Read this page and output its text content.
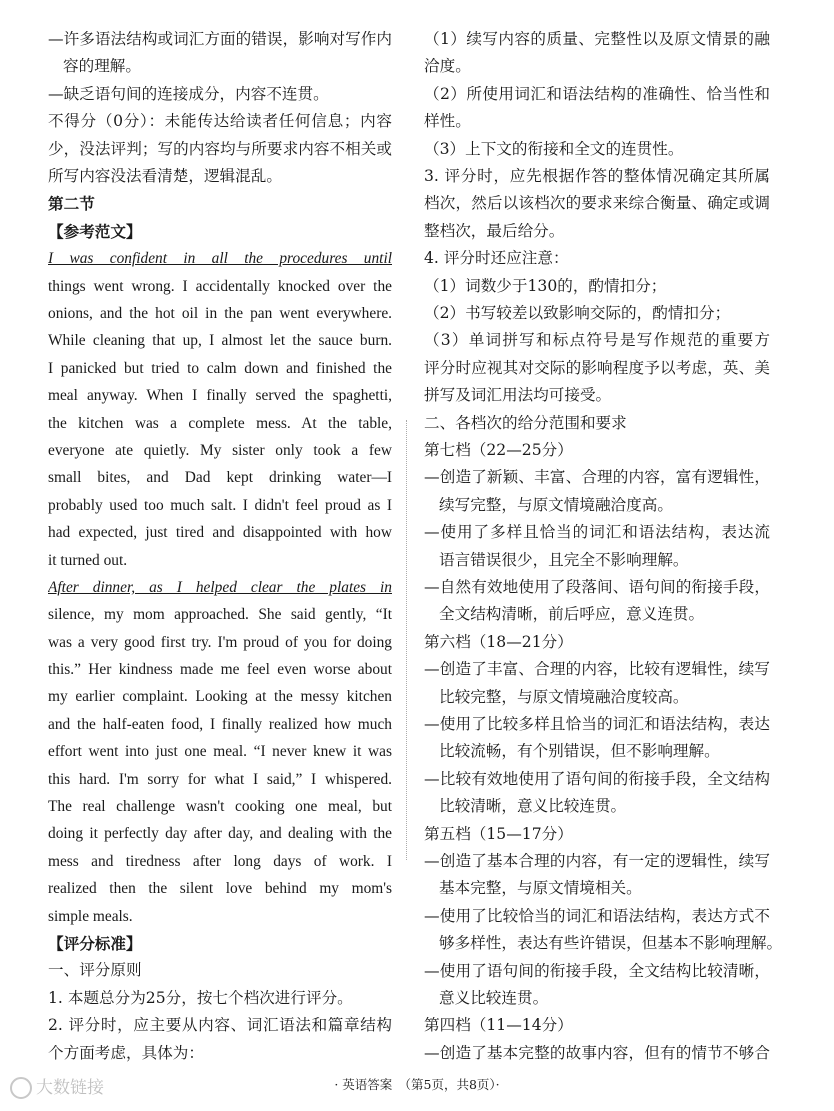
—许多语法结构或词汇方面的错误，影响对写作内
容的理解。
—缺乏语句间的连接成分，内容不连贯。
不得分（0分）：未能传达给读者任何信息；内容
少，没法评判；写的内容均与所要求内容不相关或
所写内容没法看清楚，逻辑混乱。
第二节
【参考范文】
I was confident in all the procedures until
things went wrong. I accidentally knocked over the
onions, and the hot oil in the pan went everywhere.
While cleaning that up, I almost let the sauce burn.
I panicked but tried to calm down and finished the
meal anyway. When I finally served the spaghetti,
the kitchen was a complete mess. At the table,
everyone ate quietly. My sister only took a few
small bites, and Dad kept drinking water—I
probably used too much salt. I didn't feel proud as I
had expected, just tired and disappointed with how
it turned out.
After dinner, as I helped clear the plates in
silence, my mom approached. She said gently, “It
was a very good first try. I'm proud of you for doing
this.” Her kindness made me feel even worse about
my earlier complaint. Looking at the messy kitchen
and the half-eaten food, I finally realized how much
effort went into just one meal. “I never knew it was
this hard. I'm sorry for what I said,” I whispered.
The real challenge wasn't cooking one meal, but
doing it perfectly day after day, and dealing with the
mess and tiredness after long days of work. I
realized then the silent love behind my mom's
simple meals.
【评分标准】
一、评分原则
1. 本题总分为25分，按七个档次进行评分。
2. 评分时，应主要从内容、词汇语法和篇章结构
个方面考虑，具体为：
（1）续写内容的质量、完整性以及原文情景的融
洽度。
（2）所使用词汇和语法结构的准确性、恰当性和
样性。
（3）上下文的衔接和全文的连贯性。
3. 评分时，应先根据作答的整体情况确定其所属
档次，然后以该档次的要求来综合衡量、确定或调
整档次，最后给分。
4. 评分时还应注意：
（1）词数少于130的，酌情扣分；
（2）书写较差以致影响交际的，酌情扣分；
（3）单词拼写和标点符号是写作规范的重要方
评分时应视其对交际的影响程度予以考虑，英、美
拼写及词汇用法均可接受。
二、各档次的给分范围和要求
第七档（22—25分）
—创造了新颖、丰富、合理的内容，富有逻辑性，
续写完整，与原文情境融洽度高。
—使用了多样且恰当的词汇和语法结构，表达流
语言错误很少，且完全不影响理解。
—自然有效地使用了段落间、语句间的衔接手段，
全文结构清晰，前后呼应，意义连贯。
第六档（18—21分）
—创造了丰富、合理的内容，比较有逻辑性，续写
比较完整，与原文情境融洽度较高。
—使用了比较多样且恰当的词汇和语法结构，表达
比较流畅，有个别错误，但不影响理解。
—比较有效地使用了语句间的衔接手段，全文结构
比较清晰，意义比较连贯。
第五档（15—17分）
—创造了基本合理的内容，有一定的逻辑性，续写
基本完整，与原文情境相关。
—使用了比较恰当的词汇和语法结构，表达方式不
够多样性，表达有些许错误，但基本不影响理解。
—使用了语句间的衔接手段，全文结构比较清晰，
意义比较连贯。
第四档（11—14分）
—创造了基本完整的故事内容，但有的情节不够合
· 英语答案　（第5页，共8页）·
大数链接
